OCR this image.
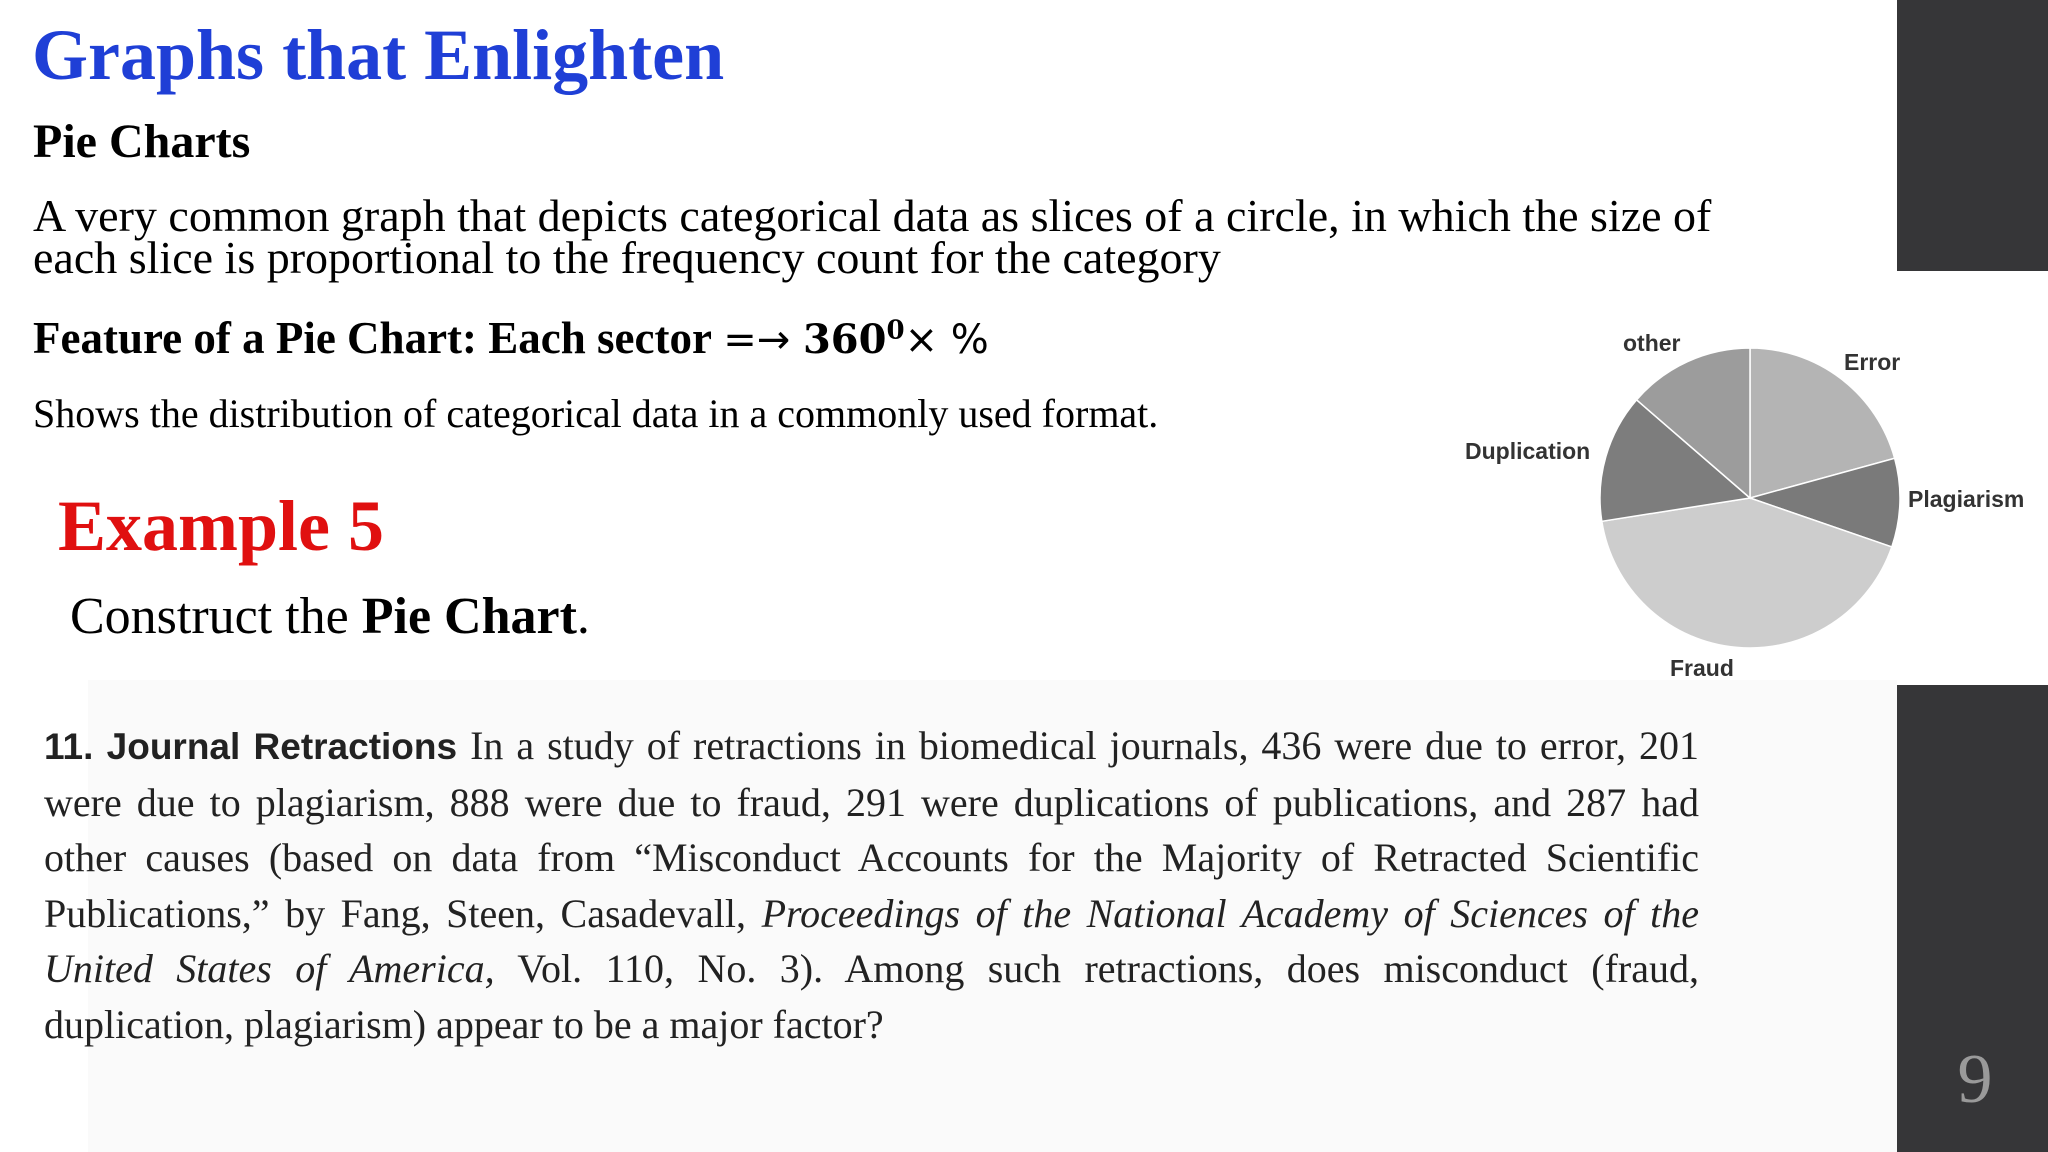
9
Graphs that Enlighten
Pie Charts
A very common graph that depicts categorical data as slices of a circle, in which the size of each slice is proportional to the frequency count for the category
Feature of a Pie Chart: Each sector =→ $360^0\times$ %
Shows the distribution of categorical data in a commonly used format.
Example 5
Construct the Pie Chart.
11. Journal Retractions In a study of retractions in biomedical journals, 436 were due to error, 201 were due to plagiarism, 888 were due to fraud, 291 were duplications of publications, and 287 had other causes (based on data from “Misconduct Accounts for the Majority of Retracted Scientific Publications,” by Fang, Steen, Casadevall, Proceedings of the National Academy of Sciences of the United States of America, Vol. 110, No. 3). Among such retractions, does misconduct (fraud, duplication, plagiarism) appear to be a major factor?
other
Error
Duplication
Plagiarism
Fraud
